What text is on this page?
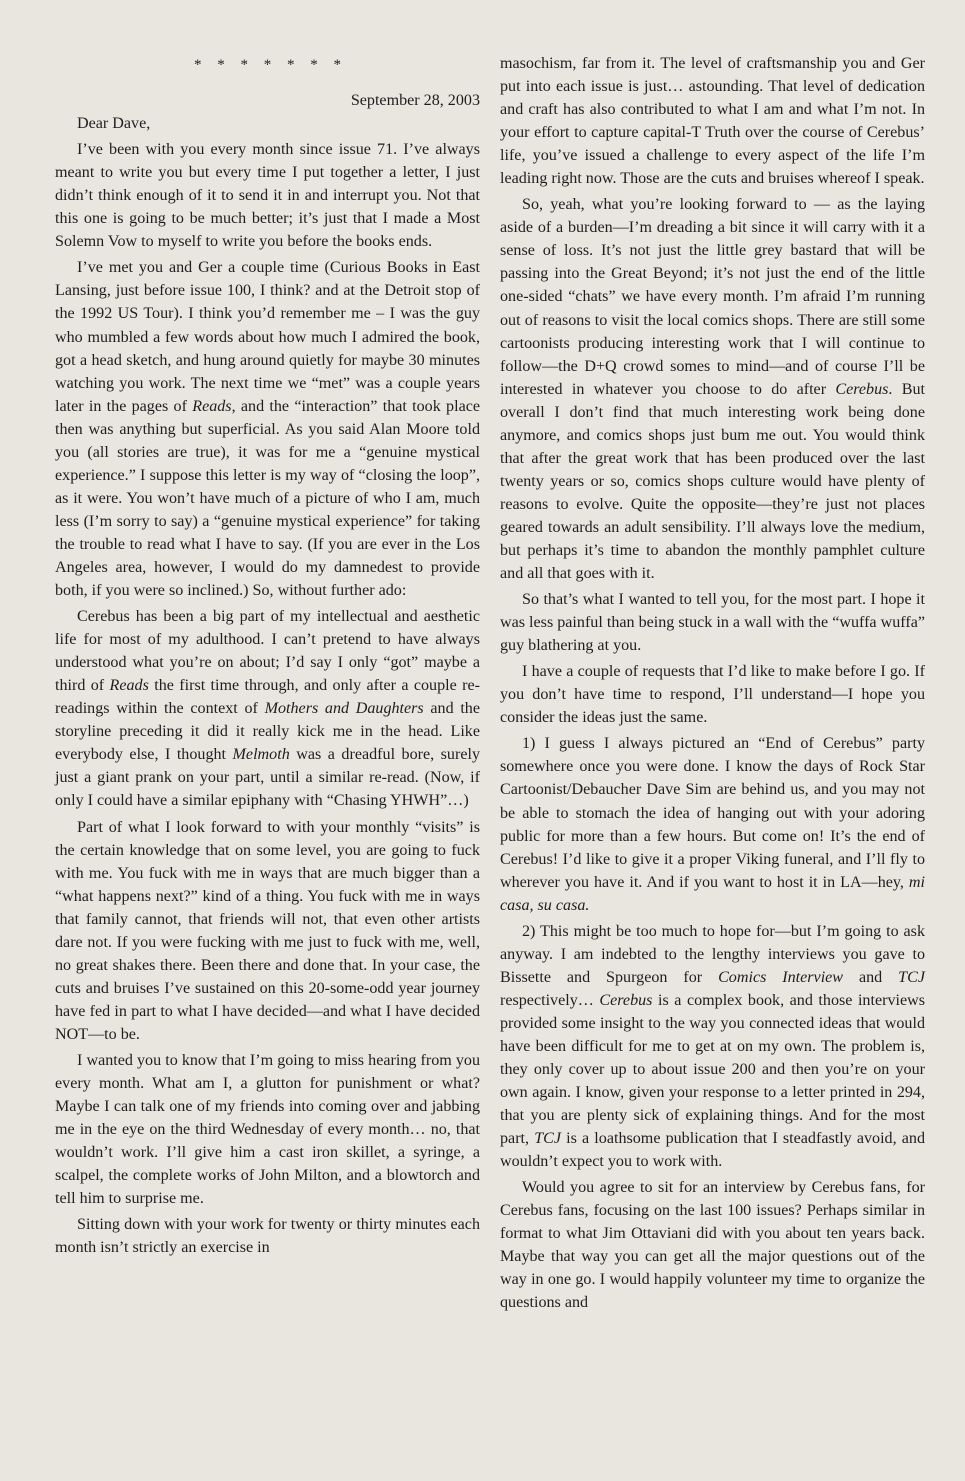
* * * * * * *
September 28, 2003

Dear Dave,

I’ve been with you every month since issue 71. I’ve always meant to write you but every time I put together a letter, I just didn’t think enough of it to send it in and interrupt you. Not that this one is going to be much better; it’s just that I made a Most Solemn Vow to myself to write you before the books ends.

I’ve met you and Ger a couple time (Curious Books in East Lansing, just before issue 100, I think? and at the Detroit stop of the 1992 US Tour). I think you’d remember me – I was the guy who mumbled a few words about how much I admired the book, got a head sketch, and hung around quietly for maybe 30 minutes watching you work. The next time we “met” was a couple years later in the pages of Reads, and the “interaction” that took place then was anything but superficial. As you said Alan Moore told you (all stories are true), it was for me a “genuine mystical experience.” I suppose this letter is my way of “closing the loop”, as it were. You won’t have much of a picture of who I am, much less (I’m sorry to say) a “genuine mystical experience” for taking the trouble to read what I have to say. (If you are ever in the Los Angeles area, however, I would do my damnedest to provide both, if you were so inclined.) So, without further ado:

Cerebus has been a big part of my intellectual and aesthetic life for most of my adulthood. I can’t pretend to have always understood what you’re on about; I’d say I only “got” maybe a third of Reads the first time through, and only after a couple re-readings within the context of Mothers and Daughters and the storyline preceding it did it really kick me in the head. Like everybody else, I thought Melmoth was a dreadful bore, surely just a giant prank on your part, until a similar re-read. (Now, if only I could have a similar epiphany with “Chasing YHWH”…)

Part of what I look forward to with your monthly “visits” is the certain knowledge that on some level, you are going to fuck with me. You fuck with me in ways that are much bigger than a “what happens next?” kind of a thing. You fuck with me in ways that family cannot, that friends will not, that even other artists dare not. If you were fucking with me just to fuck with me, well, no great shakes there. Been there and done that. In your case, the cuts and bruises I’ve sustained on this 20-some-odd year journey have fed in part to what I have decided—and what I have decided NOT—to be.

I wanted you to know that I’m going to miss hearing from you every month. What am I, a glutton for punishment or what? Maybe I can talk one of my friends into coming over and jabbing me in the eye on the third Wednesday of every month… no, that wouldn’t work. I’ll give him a cast iron skillet, a syringe, a scalpel, the complete works of John Milton, and a blowtorch and tell him to surprise me.

Sitting down with your work for twenty or thirty minutes each month isn’t strictly an exercise in

masochism, far from it. The level of craftsmanship you and Ger put into each issue is just… astounding. That level of dedication and craft has also contributed to what I am and what I’m not. In your effort to capture capital-T Truth over the course of Cerebus’ life, you’ve issued a challenge to every aspect of the life I’m leading right now. Those are the cuts and bruises whereof I speak.

So, yeah, what you’re looking forward to — as the laying aside of a burden—I’m dreading a bit since it will carry with it a sense of loss. It’s not just the little grey bastard that will be passing into the Great Beyond; it’s not just the end of the little one-sided “chats” we have every month. I’m afraid I’m running out of reasons to visit the local comics shops. There are still some cartoonists producing interesting work that I will continue to follow—the D+Q crowd somes to mind—and of course I’ll be interested in whatever you choose to do after Cerebus. But overall I don’t find that much interesting work being done anymore, and comics shops just bum me out. You would think that after the great work that has been produced over the last twenty years or so, comics shops culture would have plenty of reasons to evolve. Quite the opposite—they’re just not places geared towards an adult sensibility. I’ll always love the medium, but perhaps it’s time to abandon the monthly pamphlet culture and all that goes with it.

So that’s what I wanted to tell you, for the most part. I hope it was less painful than being stuck in a wall with the “wuffa wuffa” guy blathering at you.

I have a couple of requests that I’d like to make before I go. If you don’t have time to respond, I’ll understand—I hope you consider the ideas just the same.

1) I guess I always pictured an “End of Cerebus” party somewhere once you were done. I know the days of Rock Star Cartoonist/Debaucher Dave Sim are behind us, and you may not be able to stomach the idea of hanging out with your adoring public for more than a few hours. But come on! It’s the end of Cerebus! I’d like to give it a proper Viking funeral, and I’ll fly to wherever you have it. And if you want to host it in LA—hey, mi casa, su casa.

2) This might be too much to hope for—but I’m going to ask anyway. I am indebted to the lengthy interviews you gave to Bissette and Spurgeon for Comics Interview and TCJ respectively… Cerebus is a complex book, and those interviews provided some insight to the way you connected ideas that would have been difficult for me to get at on my own. The problem is, they only cover up to about issue 200 and then you’re on your own again. I know, given your response to a letter printed in 294, that you are plenty sick of explaining things. And for the most part, TCJ is a loathsome publication that I steadfastly avoid, and wouldn’t expect you to work with.

Would you agree to sit for an interview by Cerebus fans, for Cerebus fans, focusing on the last 100 issues? Perhaps similar in format to what Jim Ottaviani did with you about ten years back. Maybe that way you can get all the major questions out of the way in one go. I would happily volunteer my time to organize the questions and
